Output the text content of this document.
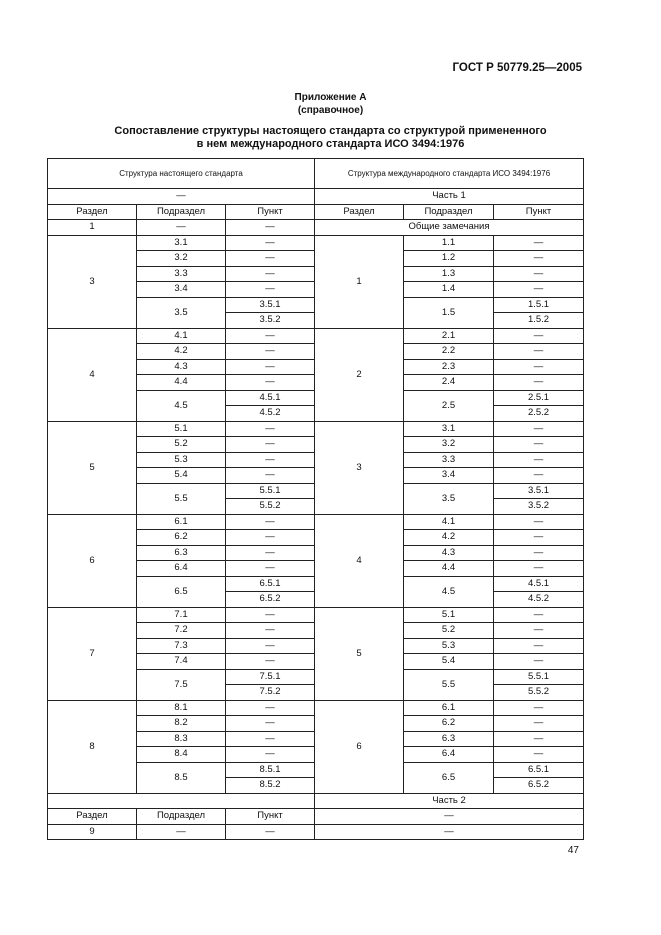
ГОСТ Р 50779.25—2005
Приложение А
(справочное)
Сопоставление структуры настоящего стандарта со структурой примененного
в нем международного стандарта ИСО 3494:1976
Структура настоящего стандарта			Структура международного стандарта ИСО 3494:1976		
—			Часть 1		
Раздел	Подраздел	Пункт	Раздел	Подраздел	Пункт
1	—	—	Общие замечания		
3	3.1	—	1	1.1	—
	3.2	—		1.2	—
	3.3	—		1.3	—
	3.4	—		1.4	—
	3.5	3.5.1		1.5	1.5.1
		3.5.2			1.5.2
4	4.1	—	2	2.1	—
	4.2	—		2.2	—
	4.3	—		2.3	—
	4.4	—		2.4	—
	4.5	4.5.1		2.5	2.5.1
		4.5.2			2.5.2
5	5.1	—	3	3.1	—
	5.2	—		3.2	—
	5.3	—		3.3	—
	5.4	—		3.4	—
	5.5	5.5.1		3.5	3.5.1
		5.5.2			3.5.2
6	6.1	—	4	4.1	—
	6.2	—		4.2	—
	6.3	—		4.3	—
	6.4	—		4.4	—
	6.5	6.5.1		4.5	4.5.1
		6.5.2			4.5.2
7	7.1	—	5	5.1	—
	7.2	—		5.2	—
	7.3	—		5.3	—
	7.4	—		5.4	—
	7.5	7.5.1		5.5	5.5.1
		7.5.2			5.5.2
8	8.1	—	6	6.1	—
	8.2	—		6.2	—
	8.3	—		6.3	—
	8.4	—		6.4	—
	8.5	8.5.1		6.5	6.5.1
		8.5.2			6.5.2
			Часть 2		
Раздел	Подраздел	Пункт	—		
9	—	—	—		
47
